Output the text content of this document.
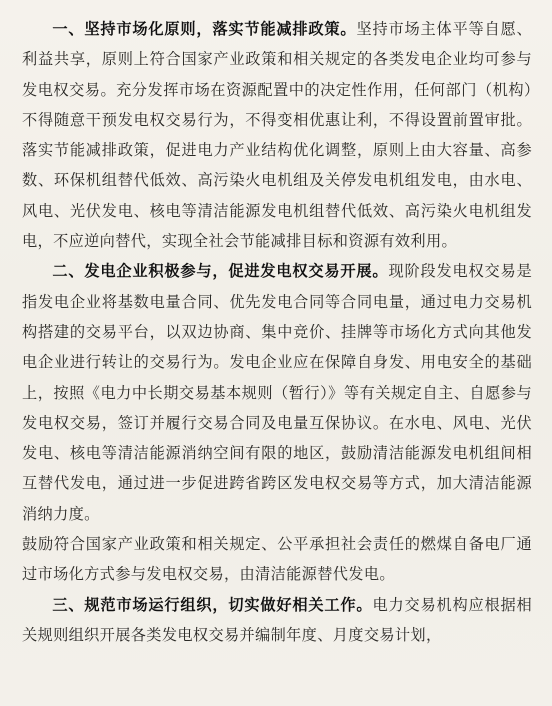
一、坚持市场化原则，落实节能减排政策。坚持市场主体平等自愿、利益共享，原则上符合国家产业政策和相关规定的各类发电企业均可参与发电权交易。充分发挥市场在资源配置中的决定性作用，任何部门（机构）不得随意干预发电权交易行为，不得变相优惠让利，不得设置前置审批。落实节能减排政策，促进电力产业结构优化调整，原则上由大容量、高参数、环保机组替代低效、高污染火电机组及关停发电机组发电，由水电、风电、光伏发电、核电等清洁能源发电机组替代低效、高污染火电机组发电，不应逆向替代，实现全社会节能减排目标和资源有效利用。

二、发电企业积极参与，促进发电权交易开展。现阶段发电权交易是指发电企业将基数电量合同、优先发电合同等合同电量，通过电力交易机构搭建的交易平台，以双边协商、集中竞价、挂牌等市场化方式向其他发电企业进行转让的交易行为。发电企业应在保障自身发、用电安全的基础上，按照《电力中长期交易基本规则（暂行）》等有关规定自主、自愿参与发电权交易，签订并履行交易合同及电量互保协议。在水电、风电、光伏发电、核电等清洁能源消纳空间有限的地区，鼓励清洁能源发电机组间相互替代发电，通过进一步促进跨省跨区发电权交易等方式，加大清洁能源消纳力度。

鼓励符合国家产业政策和相关规定、公平承担社会责任的燃煤自备电厂通过市场化方式参与发电权交易，由清洁能源替代发电。

三、规范市场运行组织，切实做好相关工作。电力交易机构应根据相关规则组织开展各类发电权交易并编制年度、月度交易计划，
